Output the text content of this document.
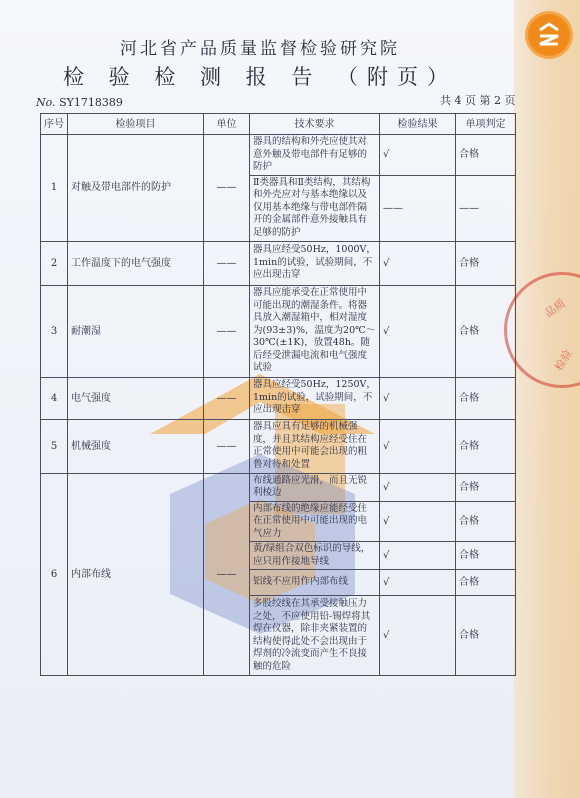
品质
检验
河北省产品质量监督检验研究院
检 验 检 测 报 告 （附页）
No. SY1718389	共 4 页 第 2 页
序号	检验项目	单位	技术要求	检验结果	单项判定
1	对触及带电部件的防护	——	器具的结构和外壳应使其对意外触及带电部件有足够的防护	√	合格
			Ⅱ类器具和Ⅱ类结构，其结构和外壳应对与基本绝缘以及仅用基本绝缘与带电部件隔开的金属部件意外接触具有足够的防护	——	——
2	工作温度下的电气强度	——	器具应经受50Hz，1000V，1min的试验，试验期间，不应出现击穿	√	合格
3	耐潮湿	——	器具应能承受在正常使用中可能出现的潮湿条件。将器具放入潮湿箱中，相对湿度为(93±3)%，温度为20℃～30℃(±1K)，放置48h。随后经受泄漏电流和电气强度试验	√	合格
4	电气强度	——	器具应经受50Hz，1250V，1min的试验，试验期间，不应出现击穿	√	合格
5	机械强度	——	器具应具有足够的机械强度，并且其结构应经受住在正常使用中可能会出现的粗鲁对待和处置	√	合格
6	内部布线	——	布线通路应光滑，而且无锐利棱边	√	合格
			内部布线的绝缘应能经受住在正常使用中可能出现的电气应力	√	合格
			黄/绿组合双色标识的导线，应只用作接地导线	√	合格
			铝线不应用作内部布线	√	合格
			多股绞线在其承受接触压力之处，不应使用铅-锡焊将其焊在仪器，除非夹紧装置的结构使得此处不会出现由于焊剂的冷流变而产生不良接触的危险	√	合格
